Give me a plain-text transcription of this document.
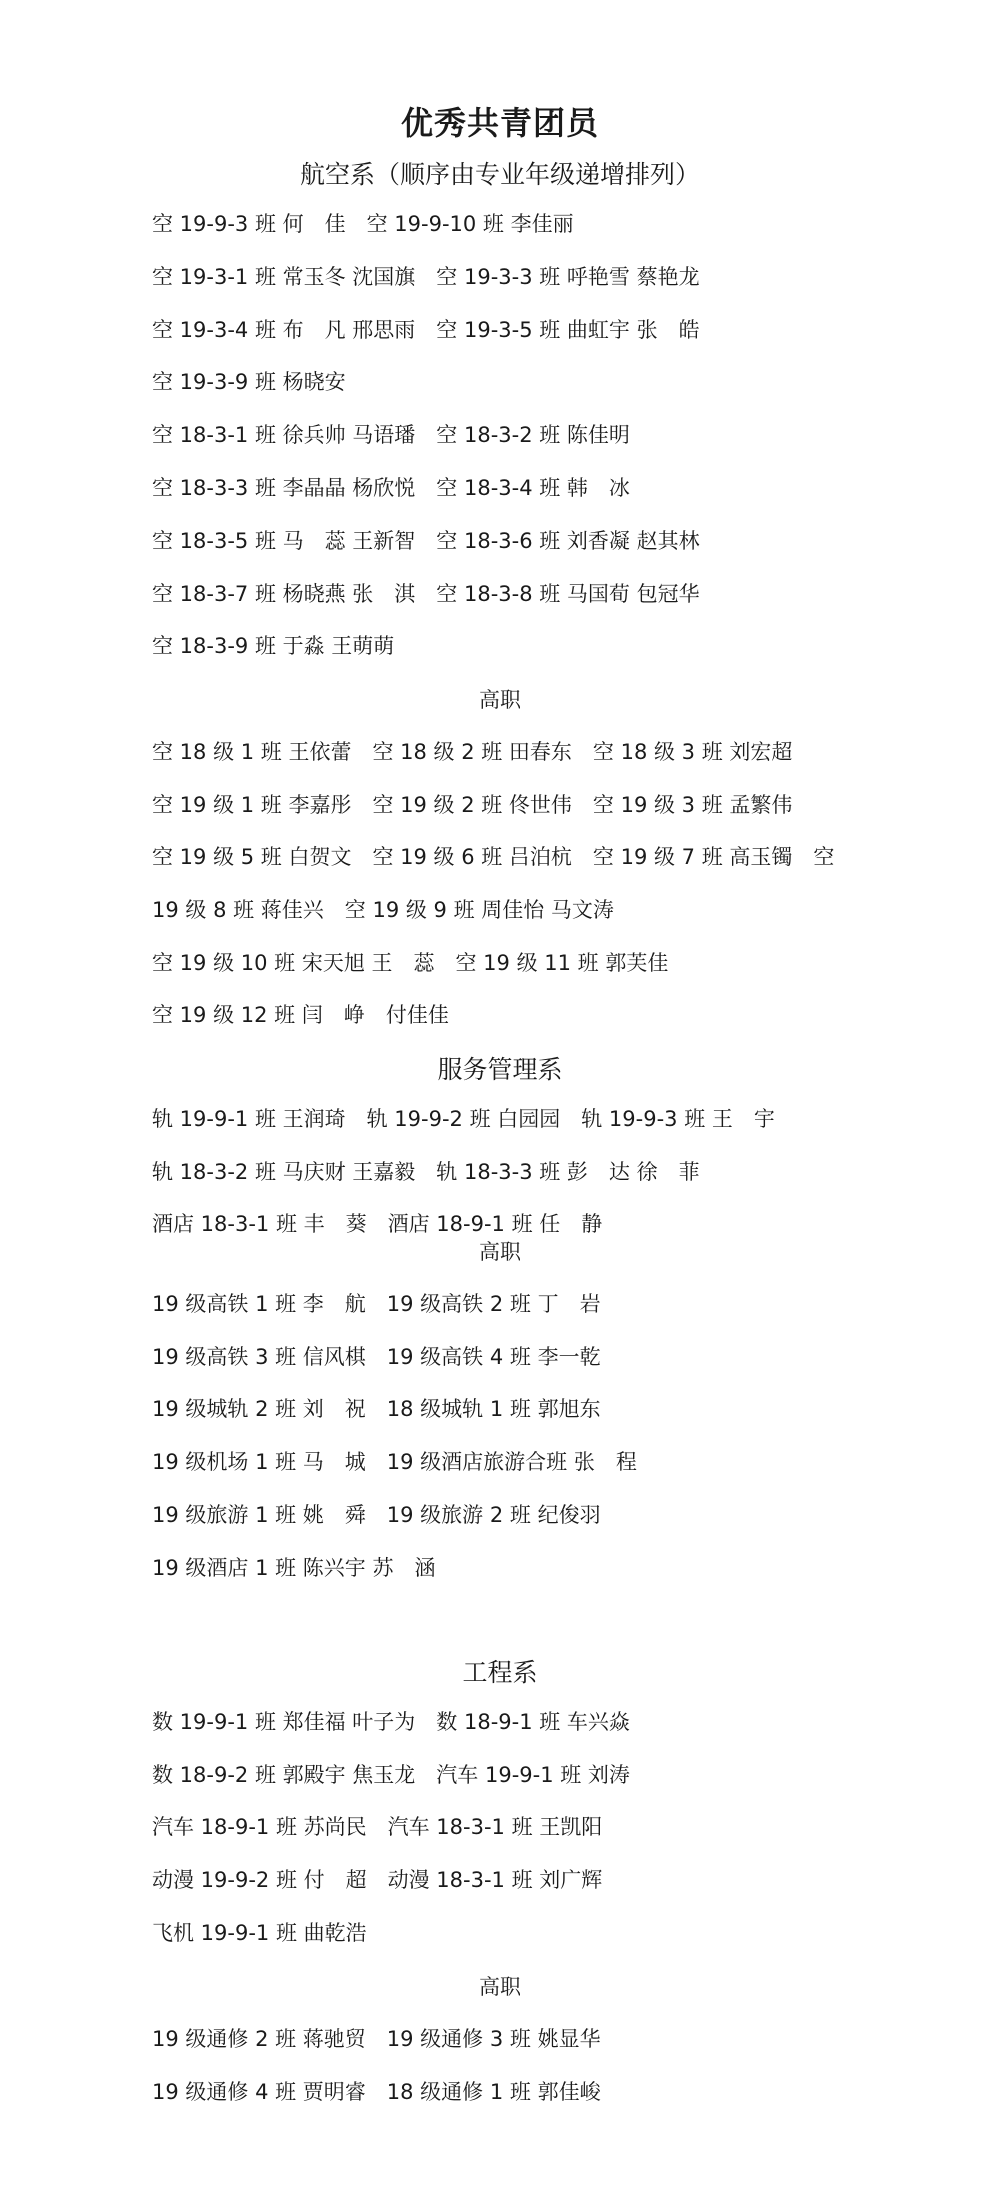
优秀共青团员
航空系（顺序由专业年级递增排列）
空 19-9-3 班 何　佳　空 19-9-10 班 李佳丽
空 19-3-1 班 常玉冬 沈国旗　空 19-3-3 班 呼艳雪 蔡艳龙
空 19-3-4 班 布　凡 邢思雨　空 19-3-5 班 曲虹宇 张　皓
空 19-3-9 班 杨晓安
空 18-3-1 班 徐兵帅 马语璠　空 18-3-2 班 陈佳明
空 18-3-3 班 李晶晶 杨欣悦　空 18-3-4 班 韩　冰
空 18-3-5 班 马　蕊 王新智　空 18-3-6 班 刘香凝 赵其林
空 18-3-7 班 杨晓燕 张　淇　空 18-3-8 班 马国荀 包冠华
空 18-3-9 班 于淼 王萌萌
高职
空 18 级 1 班 王依蕾　空 18 级 2 班 田春东　空 18 级 3 班 刘宏超
空 19 级 1 班 李嘉彤　空 19 级 2 班 佟世伟　空 19 级 3 班 孟繁伟
空 19 级 5 班 白贺文　空 19 级 6 班 吕泊杭　空 19 级 7 班 高玉镯　空
19 级 8 班 蒋佳兴　空 19 级 9 班 周佳怡 马文涛
空 19 级 10 班 宋天旭 王　蕊　空 19 级 11 班 郭芙佳
空 19 级 12 班 闫　峥　付佳佳
服务管理系
轨 19-9-1 班 王润琦　轨 19-9-2 班 白园园　轨 19-9-3 班 王　宇
轨 18-3-2 班 马庆财 王嘉毅　轨 18-3-3 班 彭　达 徐　菲
酒店 18-3-1 班 丰　葵　酒店 18-9-1 班 任　静
高职
19 级高铁 1 班 李　航　19 级高铁 2 班 丁　岩
19 级高铁 3 班 信风棋　19 级高铁 4 班 李一乾
19 级城轨 2 班 刘　祝　18 级城轨 1 班 郭旭东
19 级机场 1 班 马　城　19 级酒店旅游合班 张　程
19 级旅游 1 班 姚　舜　19 级旅游 2 班 纪俊羽
19 级酒店 1 班 陈兴宇 苏　涵
工程系
数 19-9-1 班 郑佳福 叶子为　数 18-9-1 班 车兴焱
数 18-9-2 班 郭殿宇 焦玉龙　汽车 19-9-1 班 刘涛
汽车 18-9-1 班 苏尚民　汽车 18-3-1 班 王凯阳
动漫 19-9-2 班 付　超　动漫 18-3-1 班 刘广辉
飞机 19-9-1 班 曲乾浩
高职
19 级通修 2 班 蒋驰贸　19 级通修 3 班 姚显华
19 级通修 4 班 贾明睿　18 级通修 1 班 郭佳峻
